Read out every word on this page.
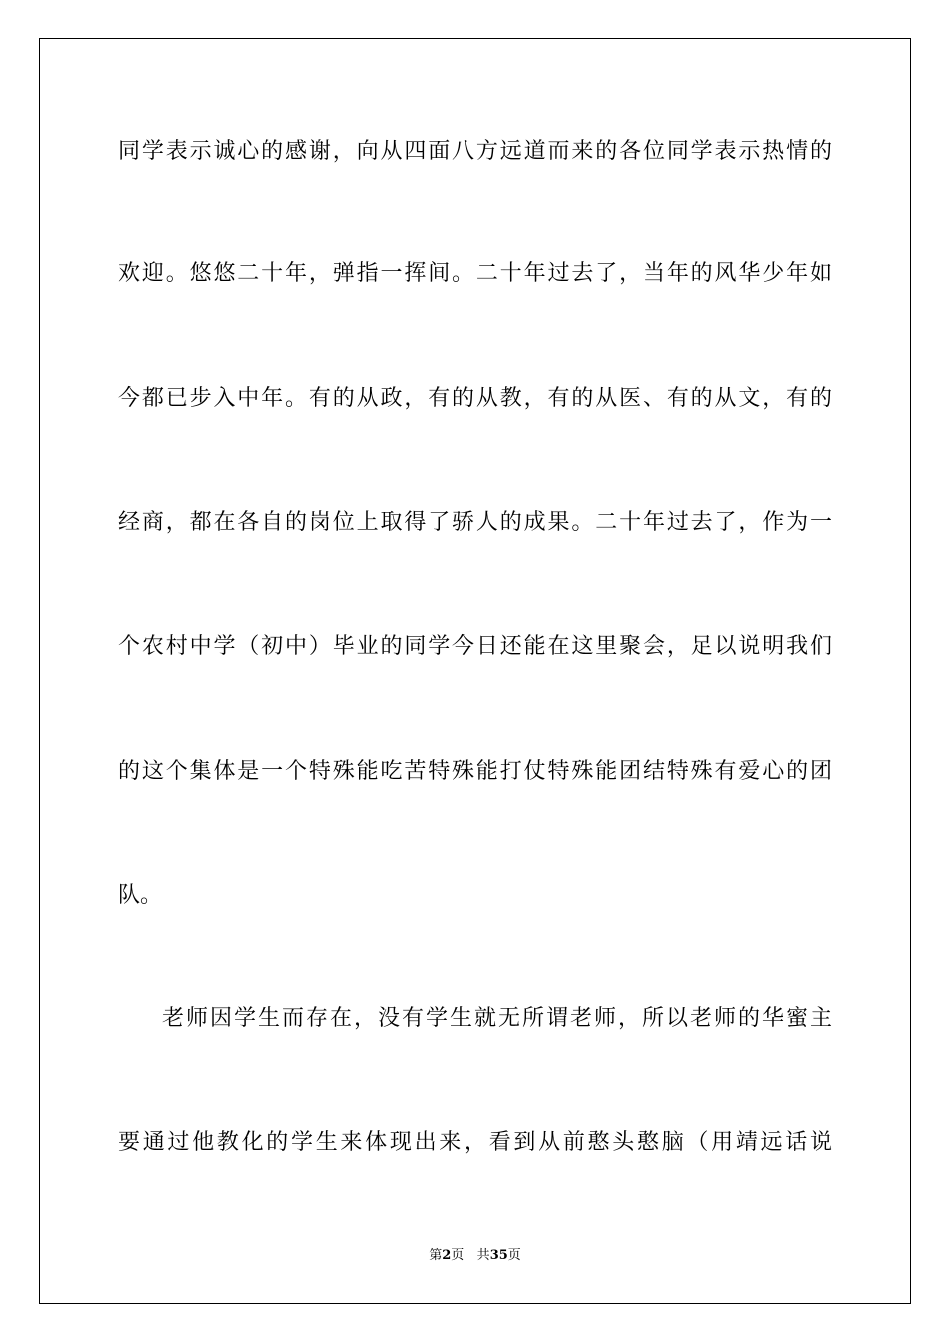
同学表示诚心的感谢，向从四面八方远道而来的各位同学表示热情的
欢迎。悠悠二十年，弹指一挥间。二十年过去了，当年的风华少年如
今都已步入中年。有的从政，有的从教，有的从医、有的从文，有的
经商，都在各自的岗位上取得了骄人的成果。二十年过去了，作为一
个农村中学（初中）毕业的同学今日还能在这里聚会，足以说明我们
的这个集体是一个特殊能吃苦特殊能打仗特殊能团结特殊有爱心的团
队。
老师因学生而存在，没有学生就无所谓老师，所以老师的华蜜主
要通过他教化的学生来体现出来，看到从前憨头憨脑（用靖远话说
第2页 共35页
